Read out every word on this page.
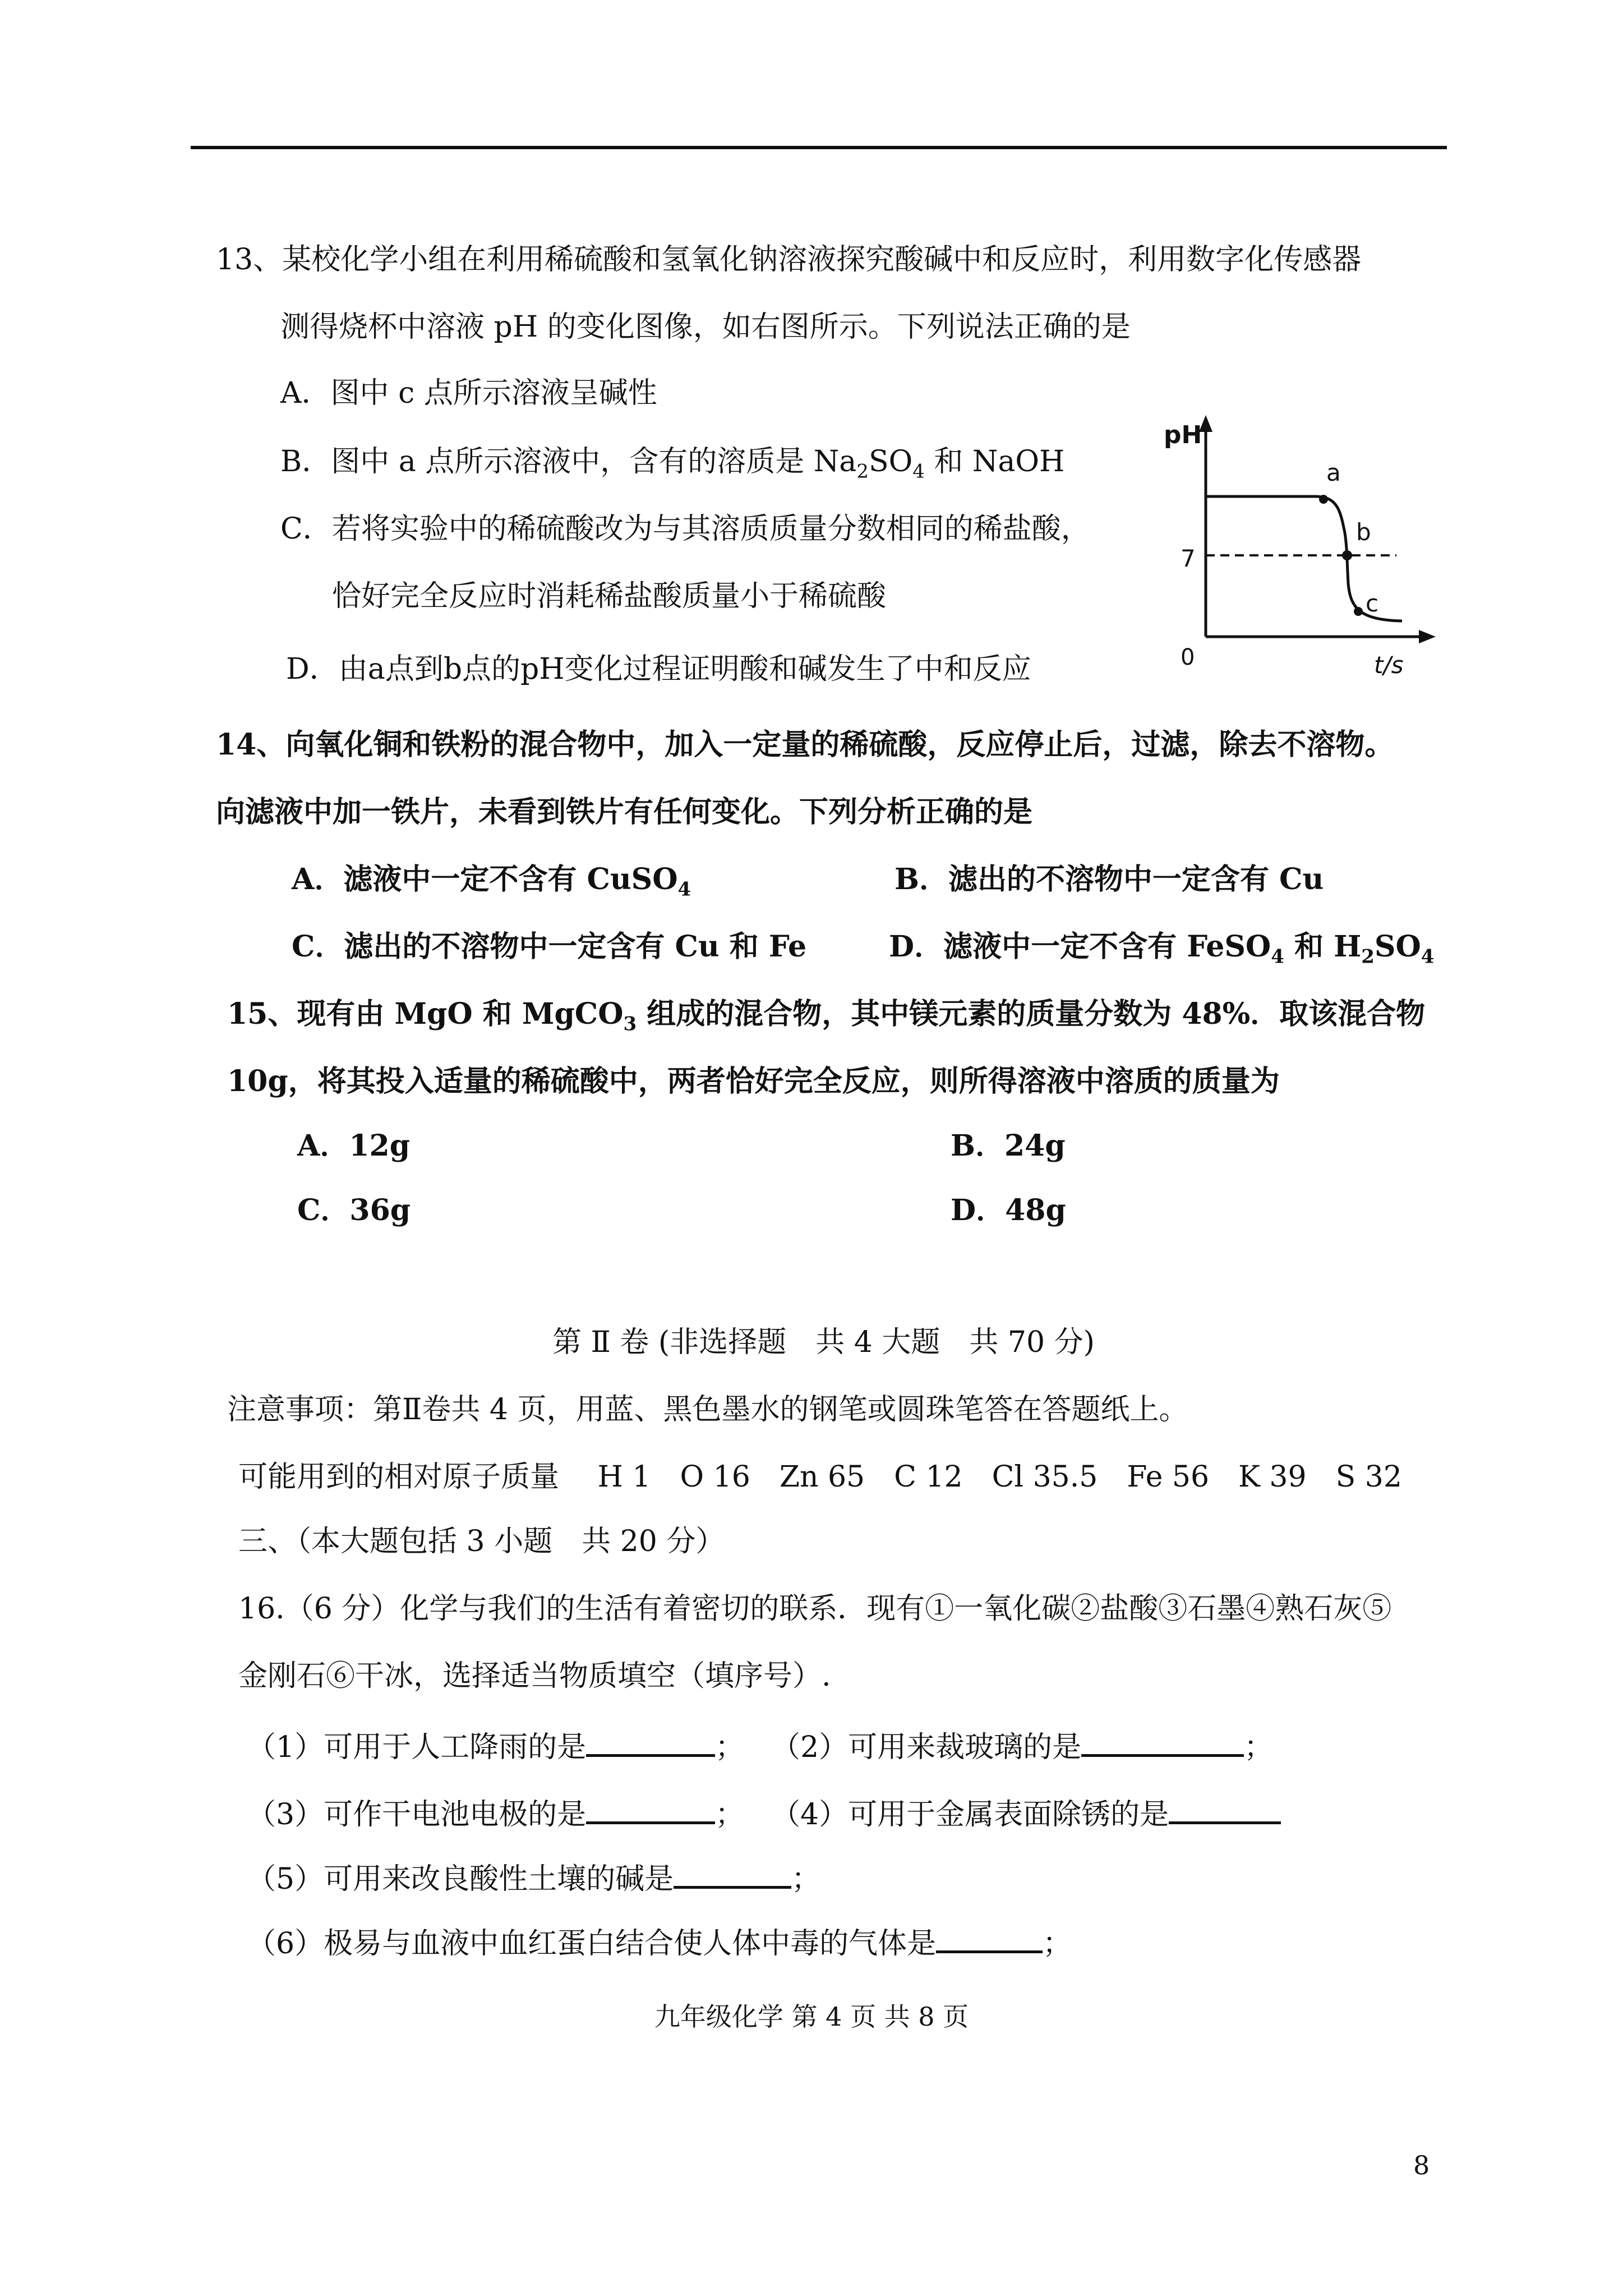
13、某校化学小组在利用稀硫酸和氢氧化钠溶液探究酸碱中和反应时，利用数字化传感器
测得烧杯中溶液 pH 的变化图像，如右图所示。下列说法正确的是
A．图中 c 点所示溶液呈碱性
B．图中 a 点所示溶液中，含有的溶质是 $Na_2SO_4$ 和 NaOH
C．若将实验中的稀硫酸改为与其溶质质量分数相同的稀盐酸，
恰好完全反应时消耗稀盐酸质量小于稀硫酸
D．由a点到b点的pH变化过程证明酸和碱发生了中和反应
pH
a
b
7
c
0	t/s
14、向氧化铜和铁粉的混合物中，加入一定量的稀硫酸，反应停止后，过滤，除去不溶物。
向滤液中加一铁片，未看到铁片有任何变化。下列分析正确的是
A．滤液中一定不含有 CuSO$_4$	B．滤出的不溶物中一定含有 Cu
C．滤出的不溶物中一定含有 Cu 和 Fe	D．滤液中一定不含有 FeSO$_4$ 和 $H_2SO_4$
15、现有由 MgO 和 MgCO$_3$ 组成的混合物，其中镁元素的质量分数为 48%．取该混合物
10g，将其投入适量的稀硫酸中，两者恰好完全反应，则所得溶液中溶质的质量为
A．12g	B．24g
C．36g	D．48g
第 Ⅱ 卷 (非选择题　共 4 大题　共 70 分)
注意事项：第Ⅱ卷共 4 页，用蓝、黑色墨水的钢笔或圆珠笔答在答题纸上。
可能用到的相对原子质量　 H 1　O 16　Zn 65　C 12　Cl 35.5　Fe 56　K 39　S 32
三、（本大题包括 3 小题　共 20 分）
16.（6 分）化学与我们的生活有着密切的联系．现有①一氧化碳②盐酸③石墨④熟石灰⑤
金刚石⑥干冰，选择适当物质填空（填序号）.
（1）可用于人工降雨的是	； （2）可用来裁玻璃的是	；
（3）可作干电池电极的是	； （4）可用于金属表面除锈的是
（5）可用来改良酸性土壤的碱是	；
（6）极易与血液中血红蛋白结合使人体中毒的气体是	；
九年级化学 第 4 页 共 8 页
8
